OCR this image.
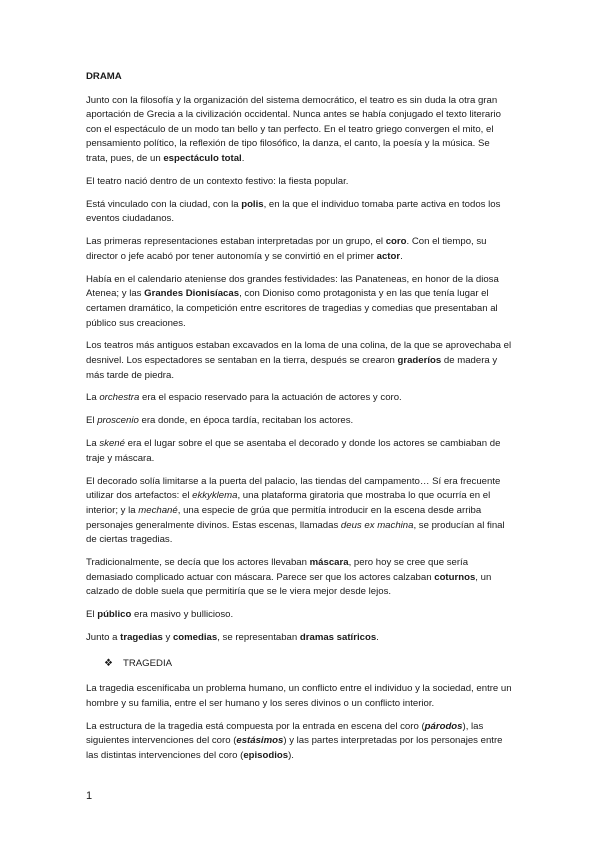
DRAMA

Junto con la filosofía y la organización del sistema democrático, el teatro es sin duda la otra gran aportación de Grecia a la civilización occidental. Nunca antes se había conjugado el texto literario con el espectáculo de un modo tan bello y tan perfecto. En el teatro griego convergen el mito, el pensamiento político, la reflexión de tipo filosófico, la danza, el canto, la poesía y la música. Se trata, pues, de un espectáculo total.

El teatro nació dentro de un contexto festivo: la fiesta popular.

Está vinculado con la ciudad, con la polis, en la que el individuo tomaba parte activa en todos los eventos ciudadanos.

Las primeras representaciones estaban interpretadas por un grupo, el coro. Con el tiempo, su director o jefe acabó por tener autonomía y se convirtió en el primer actor.

Había en el calendario ateniense dos grandes festividades: las Panateneas, en honor de la diosa Atenea; y las Grandes Dionisíacas, con Dioniso como protagonista y en las que tenía lugar el certamen dramático, la competición entre escritores de tragedias y comedias que presentaban al público sus creaciones.

Los teatros más antiguos estaban excavados en la loma de una colina, de la que se aprovechaba el desnivel. Los espectadores se sentaban en la tierra, después se crearon graderíos de madera y más tarde de piedra.

La orchestra era el espacio reservado para la actuación de actores y coro.

El proscenio era donde, en época tardía, recitaban los actores.

La skené era el lugar sobre el que se asentaba el decorado y donde los actores se cambiaban de traje y máscara.

El decorado solía limitarse a la puerta del palacio, las tiendas del campamento… Sí era frecuente utilizar dos artefactos: el ekkyklema, una plataforma giratoria que mostraba lo que ocurría en el interior; y la mechané, una especie de grúa que permitía introducir en la escena desde arriba personajes generalmente divinos. Estas escenas, llamadas deus ex machina, se producían al final de ciertas tragedias.

Tradicionalmente, se decía que los actores llevaban máscara, pero hoy se cree que sería demasiado complicado actuar con máscara. Parece ser que los actores calzaban coturnos, un calzado de doble suela que permitiría que se le viera mejor desde lejos.

El público era masivo y bullicioso.

Junto a tragedias y comedias, se representaban dramas satíricos.

❖ TRAGEDIA

La tragedia escenificaba un problema humano, un conflicto entre el individuo y la sociedad, entre un hombre y su familia, entre el ser humano y los seres divinos o un conflicto interior.

La estructura de la tragedia está compuesta por la entrada en escena del coro (párodos), las siguientes intervenciones del coro (estásimos) y las partes interpretadas por los personajes entre las distintas intervenciones del coro (episodios).

1
